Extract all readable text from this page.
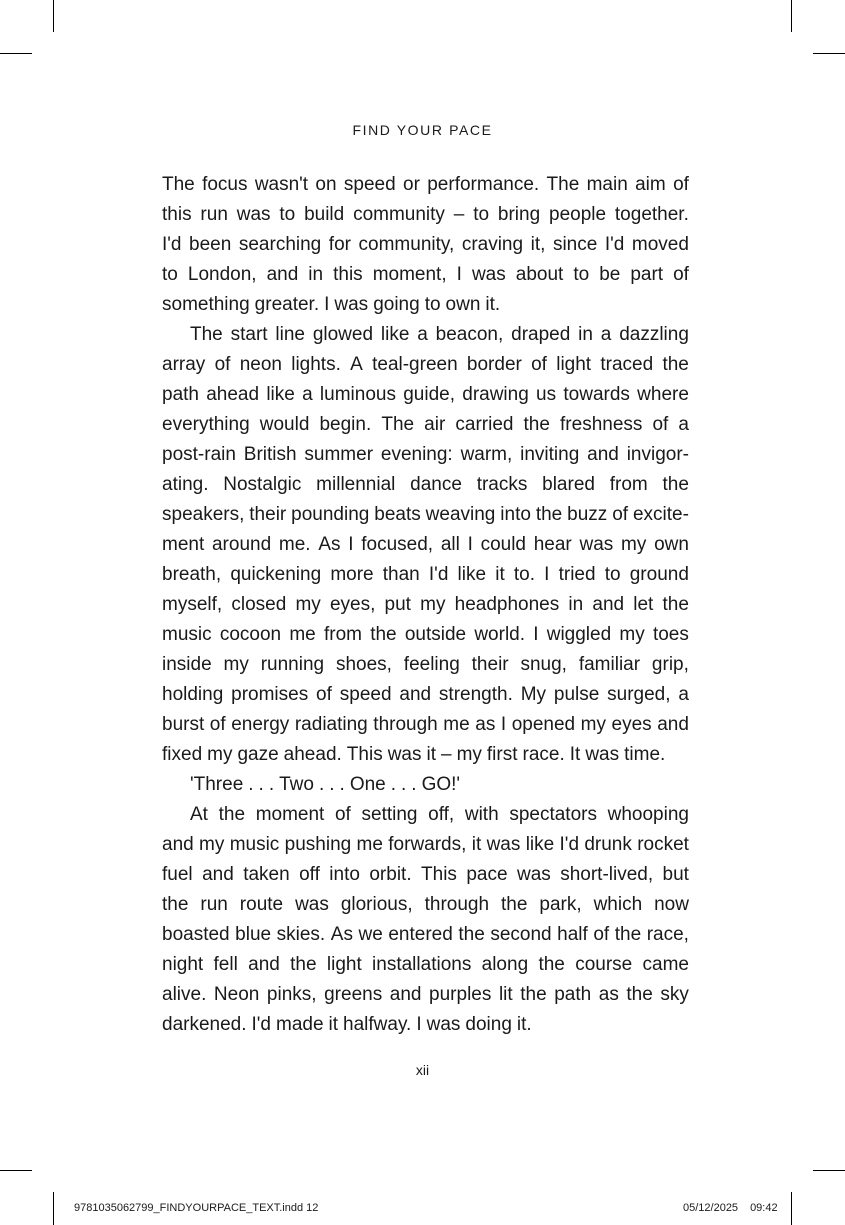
FIND YOUR PACE
The focus wasn't on speed or performance. The main aim of
this run was to build community – to bring people together.
I'd been searching for community, craving it, since I'd moved
to London, and in this moment, I was about to be part of
something greater. I was going to own it.
The start line glowed like a beacon, draped in a dazzling
array of neon lights. A teal-green border of light traced the
path ahead like a luminous guide, drawing us towards where
everything would begin. The air carried the freshness of a
post-rain British summer evening: warm, inviting and invigor-
ating. Nostalgic millennial dance tracks blared from the
speakers, their pounding beats weaving into the buzz of excite-
ment around me. As I focused, all I could hear was my own
breath, quickening more than I'd like it to. I tried to ground
myself, closed my eyes, put my headphones in and let the
music cocoon me from the outside world. I wiggled my toes
inside my running shoes, feeling their snug, familiar grip,
holding promises of speed and strength. My pulse surged, a
burst of energy radiating through me as I opened my eyes and
fixed my gaze ahead. This was it – my first race. It was time.
'Three . . . Two . . . One . . . GO!'
At the moment of setting off, with spectators whooping
and my music pushing me forwards, it was like I'd drunk rocket
fuel and taken off into orbit. This pace was short-lived, but
the run route was glorious, through the park, which now
boasted blue skies. As we entered the second half of the race,
night fell and the light installations along the course came
alive. Neon pinks, greens and purples lit the path as the sky
darkened. I'd made it halfway. I was doing it.
xii
9781035062799_FINDYOURPACE_TEXT.indd 12	05/12/2025 09:42
